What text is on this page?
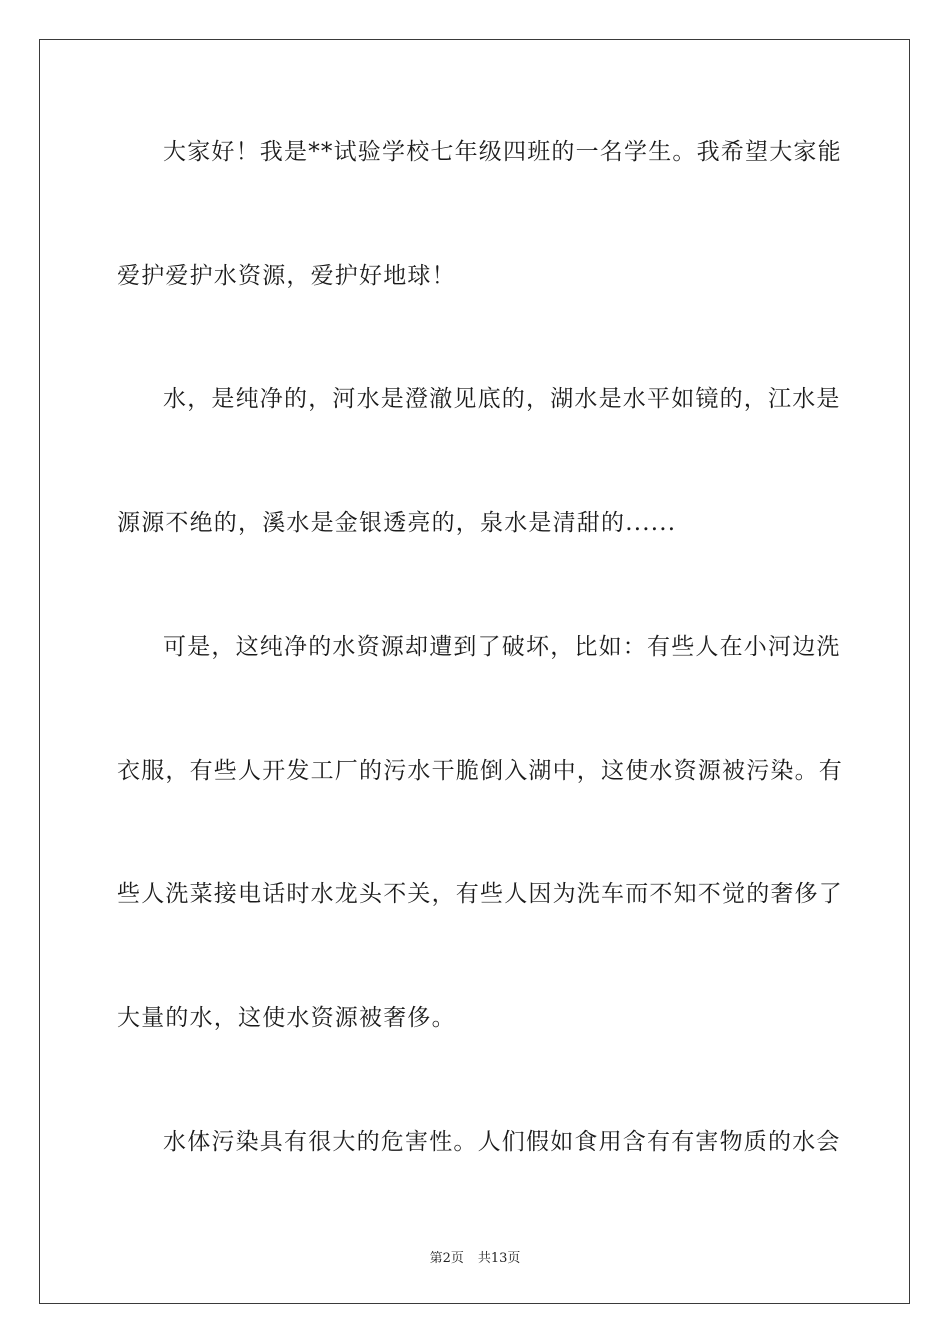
大家好！我是**试验学校七年级四班的一名学生。我希望大家能
爱护爱护水资源，爱护好地球！
水，是纯净的，河水是澄澈见底的，湖水是水平如镜的，江水是
源源不绝的，溪水是金银透亮的，泉水是清甜的......
可是，这纯净的水资源却遭到了破坏，比如：有些人在小河边洗
衣服，有些人开发工厂的污水干脆倒入湖中，这使水资源被污染。有
些人洗菜接电话时水龙头不关，有些人因为洗车而不知不觉的奢侈了
大量的水，这使水资源被奢侈。
水体污染具有很大的危害性。人们假如食用含有有害物质的水会
第2页 共13页
